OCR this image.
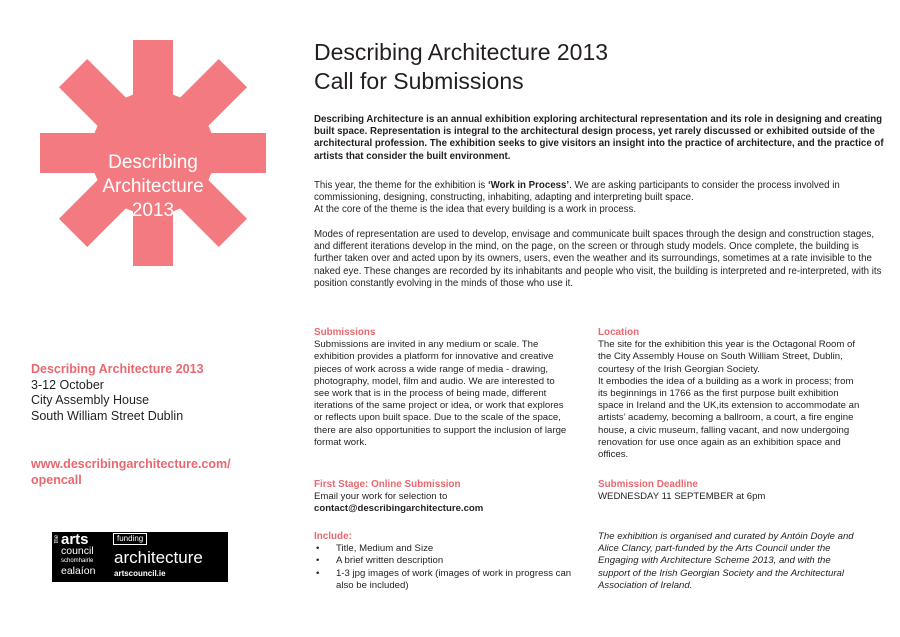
Describing
Architecture
2013
Describing Architecture 2013
3-12 October
City Assembly House
South William Street Dublin
www.describingarchitecture.com/
opencall
the arts
council
schomhairle
ealaíon
funding
architecture
artscouncil.ie
Describing Architecture 2013
Call for Submissions
Describing Architecture is an annual exhibition exploring architectural representation and its role in designing and creating built space. Representation is integral to the architectural design process, yet rarely discussed or exhibited outside of the architectural profession. The exhibition seeks to give visitors an insight into the practice of architecture, and the practice of artists that consider the built environment.
This year, the theme for the exhibition is ‘Work in Process’. We are asking participants to consider the process involved in commissioning, designing, constructing, inhabiting, adapting and interpreting built space.
At the core of the theme is the idea that every building is a work in process.
Modes of representation are used to develop, envisage and communicate built spaces through the design and construction stages, and different iterations develop in the mind, on the page, on the screen or through study models. Once complete, the building is further taken over and acted upon by its owners, users, even the weather and its surroundings, sometimes at a rate invisible to the naked eye. These changes are recorded by its inhabitants and people who visit, the building is interpreted and re-interpreted, with its position constantly evolving in the minds of those who use it.
Submissions
Submissions are invited in any medium or scale. The exhibition provides a platform for innovative and creative pieces of work across a wide range of media - drawing, photography, model, film and audio. We are interested to see work that is in the process of being made, different iterations of the same project or idea, or work that explores or reflects upon built space. Due to the scale of the space, there are also opportunities to support the inclusion of large format work.
First Stage: Online Submission
Email your work for selection to
contact@describingarchitecture.com
Include:
• Title, Medium and Size
• A brief written description
• 1-3 jpg images of work (images of work in progress can also be included)
Location
The site for the exhibition this year is the Octagonal Room of the City Assembly House on South William Street, Dublin, courtesy of the Irish Georgian Society.
It embodies the idea of a building as a work in process; from its beginnings in 1766 as the first purpose built exhibition space in Ireland and the UK,its extension to accommodate an artists’ academy, becoming a ballroom, a court, a fire engine house, a civic museum, falling vacant, and now undergoing renovation for use once again as an exhibition space and offices.
Submission Deadline
WEDNESDAY 11 SEPTEMBER at 6pm
The exhibition is organised and curated by Antóin Doyle and Alice Clancy, part-funded by the Arts Council under the Engaging with Architecture Scheme 2013, and with the support of the Irish Georgian Society and the Architectural Association of Ireland.
